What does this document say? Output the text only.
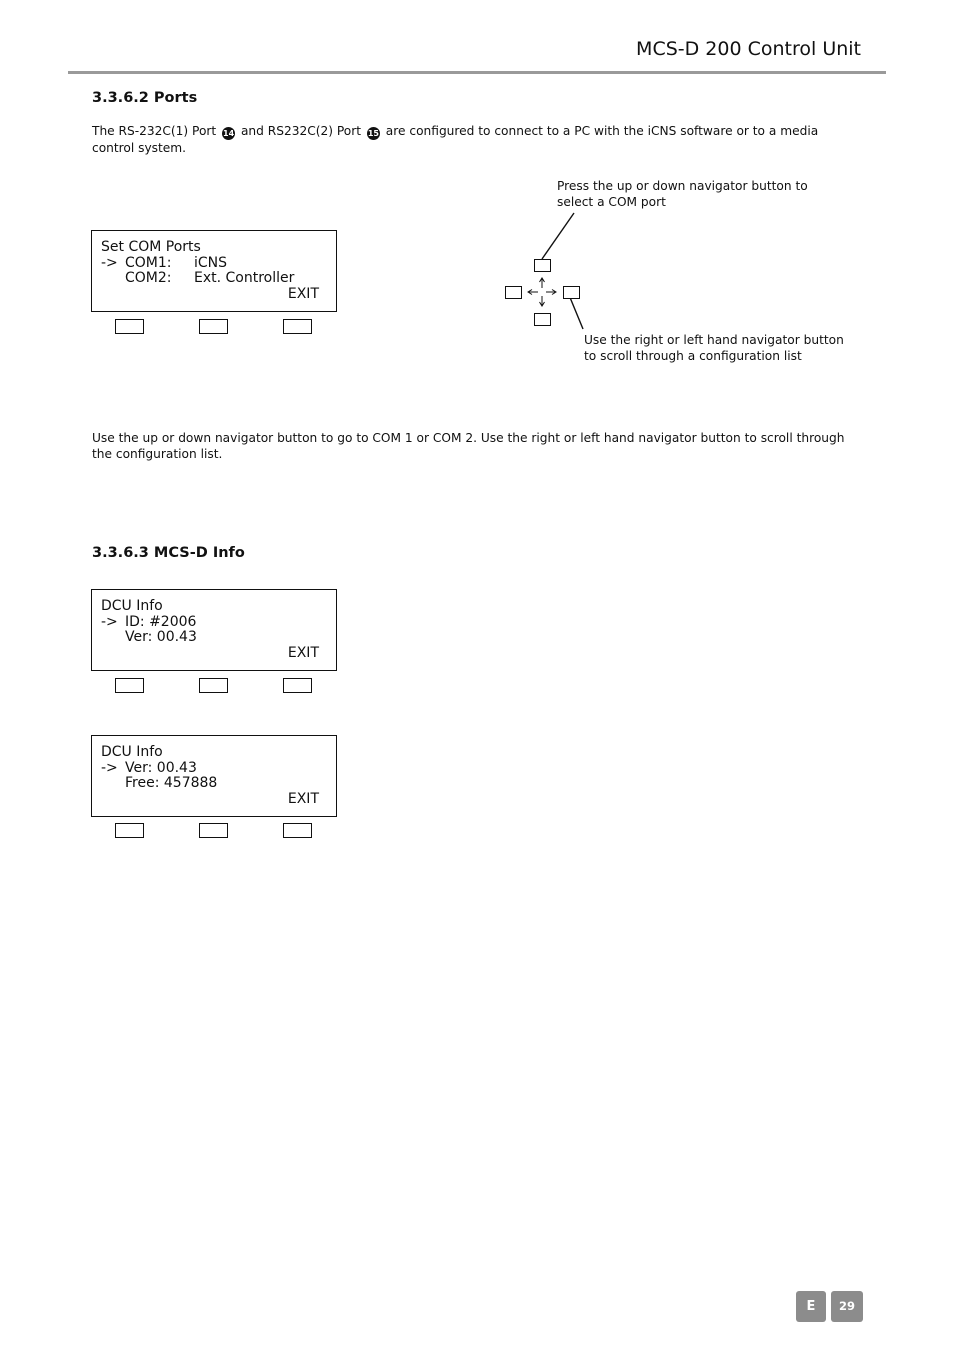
MCS-D 200 Control Unit
3.3.6.2 Ports
The RS-232C(1) Port 14 and RS232C(2) Port 15 are configured to connect to a PC with the iCNS software or to a media control system.
Set COM Ports
-> COM1: iCNS
COM2: Ext. Controller
EXIT
Press the up or down navigator button to select a COM port
Use the right or left hand navigator button to scroll through a configuration list
Use the up or down navigator button to go to COM 1 or COM 2. Use the right or left hand navigator button to scroll through the configuration list.
3.3.6.3 MCS-D Info
DCU Info
-> ID: #2006
Ver: 00.43
EXIT
DCU Info
-> Ver: 00.43
Free: 457888
EXIT
E	29
